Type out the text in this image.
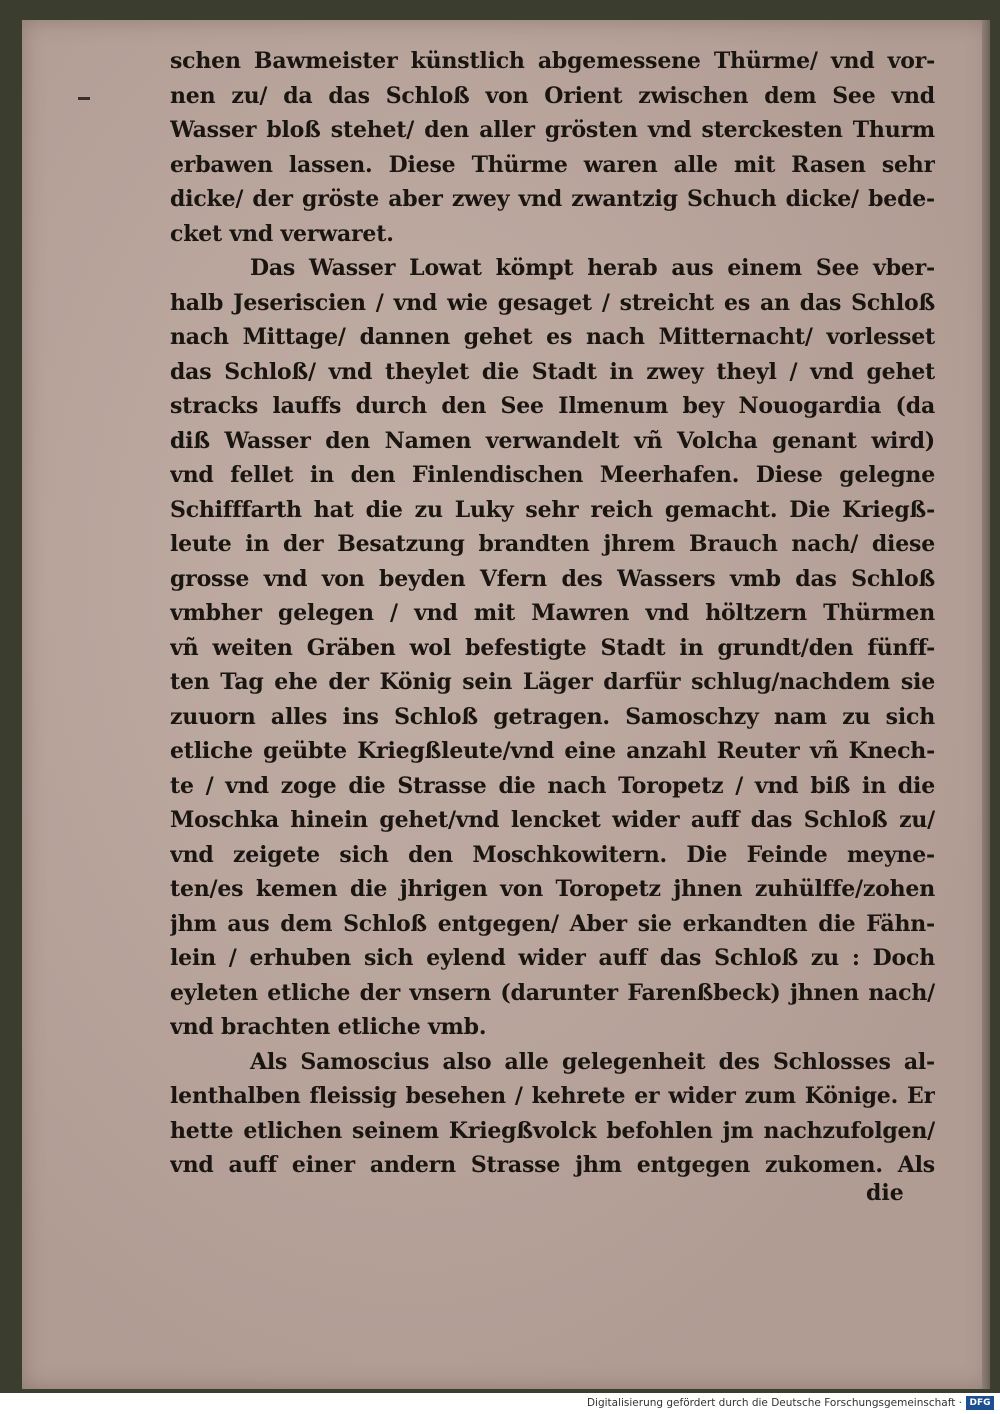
schen Bawmeister künstlich abgemessene Thürme/ vnd vor-
nen zu/ da das Schloß von Orient zwischen dem See vnd
Wasser bloß stehet/ den aller grösten vnd sterckesten Thurm
erbawen lassen. Diese Thürme waren alle mit Rasen sehr
dicke/ der gröste aber zwey vnd zwantzig Schuch dicke/ bede-
cket vnd verwaret.
Das Wasser Lowat kömpt herab aus einem See vber-
halb Jeseriscien / vnd wie gesaget / streicht es an das Schloß
nach Mittage/ dannen gehet es nach Mitternacht/ vorlesset
das Schloß/ vnd theylet die Stadt in zwey theyl / vnd gehet
stracks lauffs durch den See Ilmenum bey Nouogardia (da
diß Wasser den Namen verwandelt vñ Volcha genant wird)
vnd fellet in den Finlendischen Meerhafen. Diese gelegne
Schifffarth hat die zu Luky sehr reich gemacht. Die Kriegß-
leute in der Besatzung brandten jhrem Brauch nach/ diese
grosse vnd von beyden Vfern des Wassers vmb das Schloß
vmbher gelegen / vnd mit Mawren vnd höltzern Thürmen
vñ weiten Gräben wol befestigte Stadt in grundt/den fünff-
ten Tag ehe der König sein Läger darfür schlug/nachdem sie
zuuorn alles ins Schloß getragen. Samoschzy nam zu sich
etliche geübte Kriegßleute/vnd eine anzahl Reuter vñ Knech-
te / vnd zoge die Strasse die nach Toropetz / vnd biß in die
Moschka hinein gehet/vnd lencket wider auff das Schloß zu/
vnd zeigete sich den Moschkowitern. Die Feinde meyne-
ten/es kemen die jhrigen von Toropetz jhnen zuhülffe/zohen
jhm aus dem Schloß entgegen/ Aber sie erkandten die Fähn-
lein / erhuben sich eylend wider auff das Schloß zu : Doch
eyleten etliche der vnsern (darunter Farenßbeck) jhnen nach/
vnd brachten etliche vmb.
Als Samoscius also alle gelegenheit des Schlosses al-
lenthalben fleissig besehen / kehrete er wider zum Könige. Er
hette etlichen seinem Kriegßvolck befohlen jm nachzufolgen/
vnd auff einer andern Strasse jhm entgegen zukomen. Als
die
Digitalisierung gefördert durch die Deutsche Forschungsgemeinschaft · DFG
